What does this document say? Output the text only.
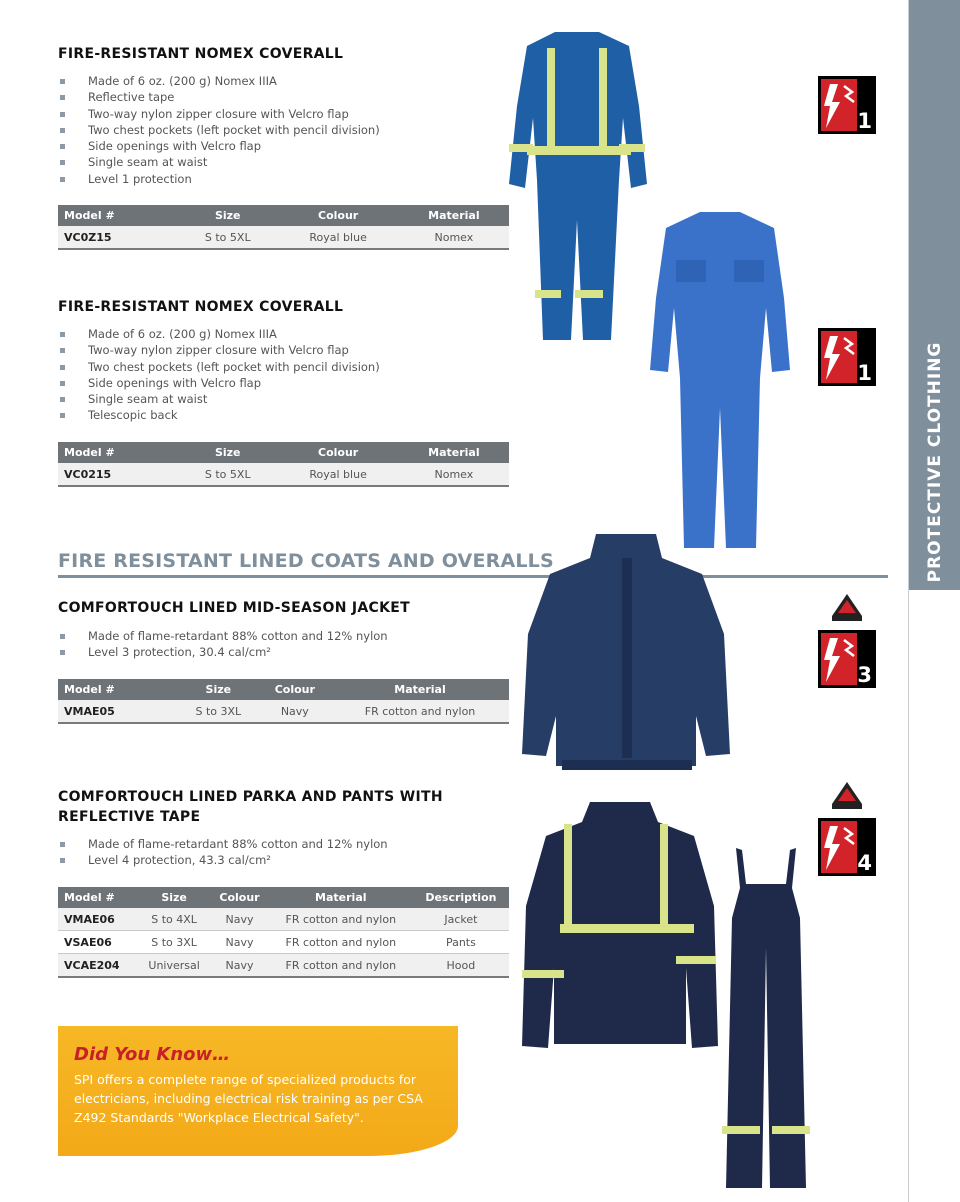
PROTECTIVE CLOTHING
FIRE-RESISTANT NOMEX COVERALL
Made of 6 oz. (200 g) Nomex IIIA
Reflective tape
Two-way nylon zipper closure with Velcro flap
Two chest pockets (left pocket with pencil division)
Side openings with Velcro flap
Single seam at waist
Level 1 protection
Model #	Size	Colour	Material
VC0Z15	S to 5XL	Royal blue	Nomex
FIRE-RESISTANT NOMEX COVERALL
Made of 6 oz. (200 g) Nomex IIIA
Two-way nylon zipper closure with Velcro flap
Two chest pockets (left pocket with pencil division)
Side openings with Velcro flap
Single seam at waist
Telescopic back
Model #	Size	Colour	Material
VC0215	S to 5XL	Royal blue	Nomex
FIRE RESISTANT LINED COATS AND OVERALLS
COMFORTOUCH LINED MID-SEASON JACKET
Made of flame-retardant 88% cotton and 12% nylon
Level 3 protection, 30.4 cal/cm²
Model #	Size	Colour	Material
VMAE05	S to 3XL	Navy	FR cotton and nylon
COMFORTOUCH LINED PARKA AND PANTS WITH
REFLECTIVE TAPE
Made of flame-retardant 88% cotton and 12% nylon
Level 4 protection, 43.3 cal/cm²
Model #	Size	Colour	Material	Description
VMAE06	S to 4XL	Navy	FR cotton and nylon	Jacket
VSAE06	S to 3XL	Navy	FR cotton and nylon	Pants
VCAE204	Universal	Navy	FR cotton and nylon	Hood
Did You Know…

SPI offers a complete range of specialized products for electricians, including electrical risk training as per CSA Z492 Standards "Workplace Electrical Safety".

1
1
3
4
